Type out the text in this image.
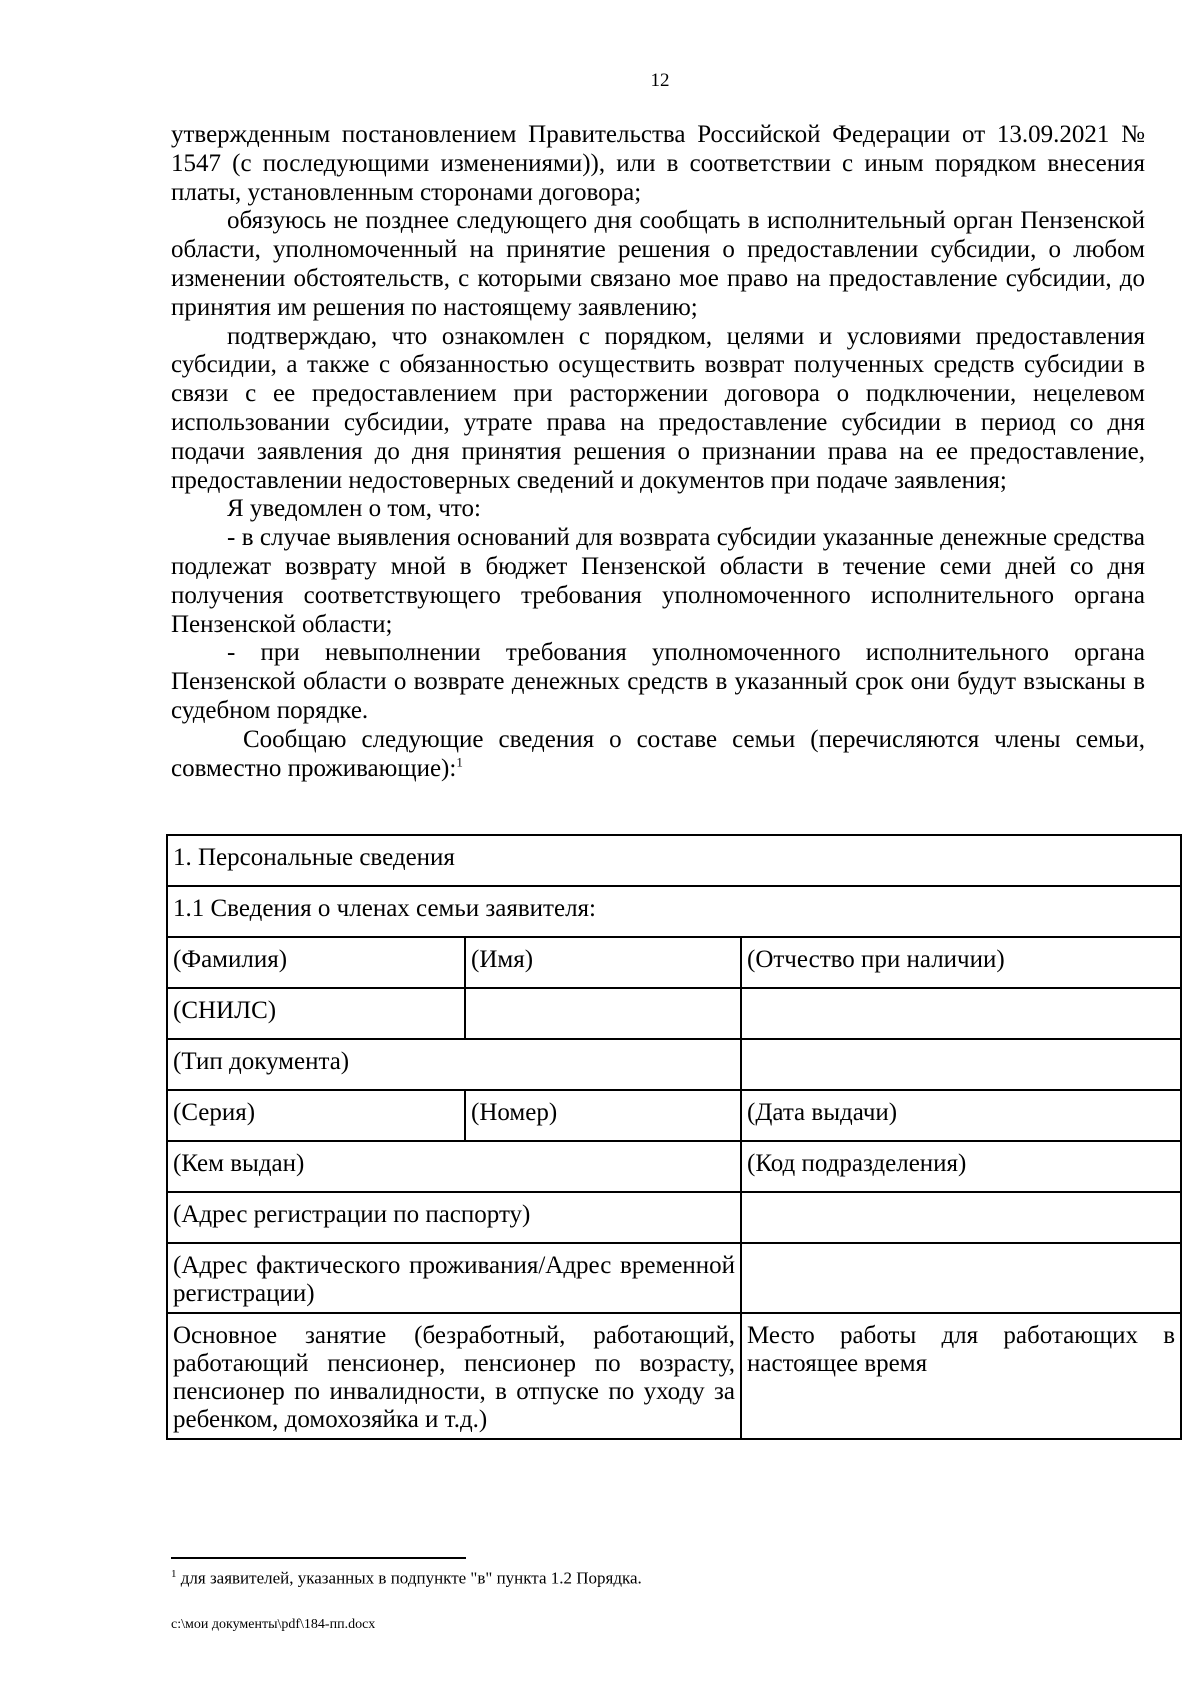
12

утвержденным постановлением Правительства Российской Федерации от 13.09.2021 № 1547 (с последующими изменениями)), или в соответствии с иным порядком внесения платы, установленным сторонами договора;

обязуюсь не позднее следующего дня сообщать в исполнительный орган Пензенской области, уполномоченный на принятие решения о предоставлении субсидии, о любом изменении обстоятельств, с которыми связано мое право на предоставление субсидии, до принятия им решения по настоящему заявлению;

подтверждаю, что ознакомлен с порядком, целями и условиями предоставления субсидии, а также с обязанностью осуществить возврат полученных средств субсидии в связи с ее предоставлением при расторжении договора о подключении, нецелевом использовании субсидии, утрате права на предоставление субсидии в период со дня подачи заявления до дня принятия решения о признании права на ее предоставление, предоставлении недостоверных сведений и документов при подаче заявления;

Я уведомлен о том, что:

- в случае выявления оснований для возврата субсидии указанные денежные средства подлежат возврату мной в бюджет Пензенской области в течение семи дней со дня получения соответствующего требования уполномоченного исполнительного органа Пензенской области;

- при невыполнении требования уполномоченного исполнительного органа Пензенской области о возврате денежных средств в указанный срок они будут взысканы в судебном порядке.

Сообщаю следующие сведения о составе семьи (перечисляются члены семьи, совместно проживающие):$^1$

1. Персональные сведения		
1.1 Сведения о членах семьи заявителя:		
(Фамилия)	(Имя)	(Отчество при наличии)
(СНИЛС)		
(Тип документа)		
(Серия)	(Номер)	(Дата выдачи)
(Кем выдан)		(Код подразделения)
(Адрес регистрации по паспорту)		
(Адрес фактического проживания/Адрес временной регистрации)		
Основное занятие (безработный, работающий, работающий пенсионер, пенсионер по возрасту, пенсионер по инвалидности, в отпуске по уходу за ребенком, домохозяйка и т.д.)		Место работы для работающих в настоящее время
$^1$ для заявителей, указанных в подпункте "в" пункта 1.2 Порядка.
c:\мои документы\pdf\184-пп.docx
